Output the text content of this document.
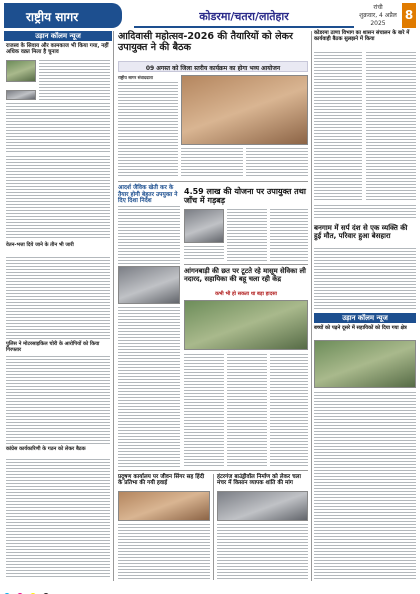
राष्ट्रीय सागर	कोडरमा/चतरा/लातेहार
रांची
शुक्रवार, 4 अप्रैल 2025
8
उड़ान कॉलम न्यूज
राजस्व के सिवाय और कामकाज भी किया गया, नहीं अधिक वक़्त मिला है चुनाव
वेतन-भत्ता दिये जाने के तीन भी जारी
पुलिस ने मोटरसाइकिल चोरी के आरोपियों को किया गिरफ्तार
कांग्रेस कार्यकारिणी के गठन को लेकर बैठक
आदिवासी महोत्सव-2026 की तैयारियों को लेकर उपायुक्त ने की बैठक
09 अगस्त को जिला स्तरीय कार्यक्रम का होगा भव्य आयोजन
राष्ट्रीय सागर संवाददाता
आदर्श जैविक खेती कर के तैयार होगी बेहतर उपयुक्त ने दिए दिशा निर्देश
4.59 लाख की योजना पर उपायुक्त तथा जाँच में गड़बड़
आंगनबाड़ी की छत पर टूटते रहे मासूम सेविका ली नदारद, सहायिका की बहू चला रही केंद्र
कभी भी हो सकता था बड़ा हादसा
प्रदूषण कार्यालय पर जीवन सिंगर सह हिंदी के प्रतिभा की गयी हवाई
हंटरगंज बाउंड्रीवॉल निर्माण को लेकर चला मंचर में किसान व्यापक शांति की मांग
कोडरमा ठाणा विभाग का शासन संचालन के बारे में कार्यवाही बैठक सुलझने में किया
बनगाम में सर्प दंश से एक व्यक्ति की हुई मौत, परिवार हुआ बेसहारा
उड़ान कॉलम न्यूज
बच्चों को पढ़ने दूसरे में सहायिकों को दिया गया क्षेत्र
